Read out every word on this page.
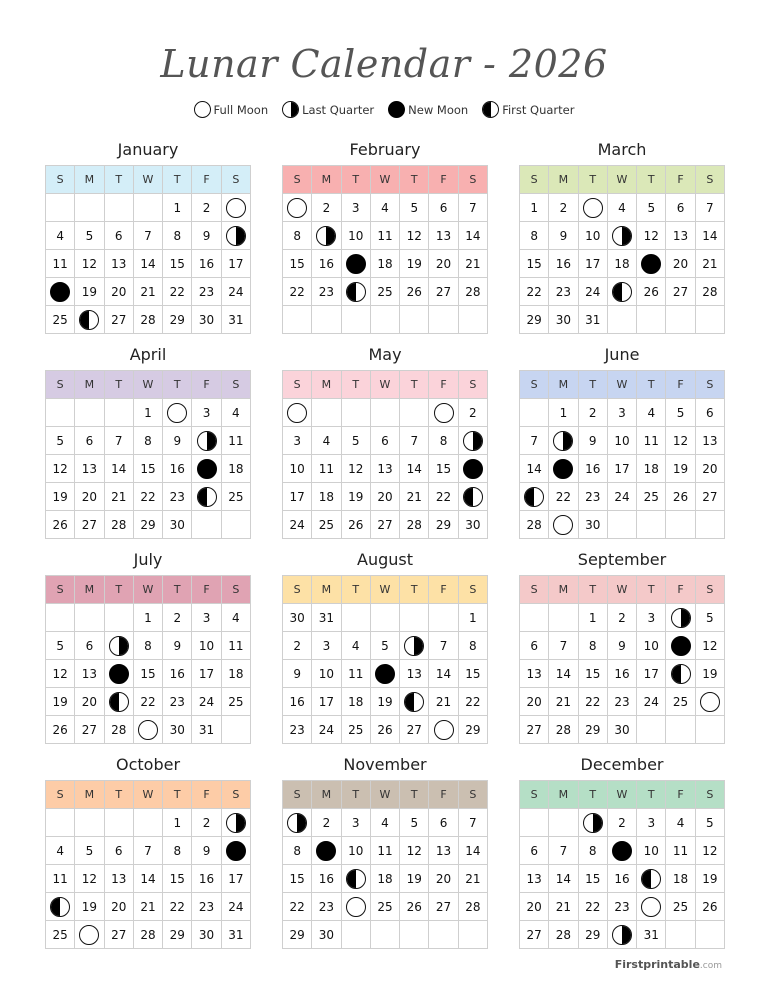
Lunar Calendar - 2026
Full Moon	Last Quarter	New Moon	First Quarter
January
S	M	T	W	T	F	S
				1	2	
4	5	6	7	8	9	
11	12	13	14	15	16	17
	19	20	21	22	23	24
25		27	28	29	30	31
February
S	M	T	W	T	F	S
	2	3	4	5	6	7
8		10	11	12	13	14
15	16		18	19	20	21
22	23		25	26	27	28

March
S	M	T	W	T	F	S
1	2		4	5	6	7
8	9	10		12	13	14
15	16	17	18		20	21
22	23	24		26	27	28
29	30	31				
April
S	M	T	W	T	F	S
			1		3	4
5	6	7	8	9		11
12	13	14	15	16		18
19	20	21	22	23		25
26	27	28	29	30		
May
S	M	T	W	T	F	S
						2
3	4	5	6	7	8	
10	11	12	13	14	15	
17	18	19	20	21	22	
24	25	26	27	28	29	30
June
S	M	T	W	T	F	S
	1	2	3	4	5	6
7		9	10	11	12	13
14		16	17	18	19	20
	22	23	24	25	26	27
28		30				
July
S	M	T	W	T	F	S
			1	2	3	4
5	6		8	9	10	11
12	13		15	16	17	18
19	20		22	23	24	25
26	27	28		30	31	
August
S	M	T	W	T	F	S
30	31					1
2	3	4	5		7	8
9	10	11		13	14	15
16	17	18	19		21	22
23	24	25	26	27		29
September
S	M	T	W	T	F	S
		1	2	3		5
6	7	8	9	10		12
13	14	15	16	17		19
20	21	22	23	24	25	
27	28	29	30			
October
S	M	T	W	T	F	S
				1	2	
4	5	6	7	8	9	
11	12	13	14	15	16	17
	19	20	21	22	23	24
25		27	28	29	30	31
November
S	M	T	W	T	F	S
	2	3	4	5	6	7
8		10	11	12	13	14
15	16		18	19	20	21
22	23		25	26	27	28
29	30					
December
S	M	T	W	T	F	S
			2	3	4	5
6	7	8		10	11	12
13	14	15	16		18	19
20	21	22	23		25	26
27	28	29		31		
Firstprintable.com
